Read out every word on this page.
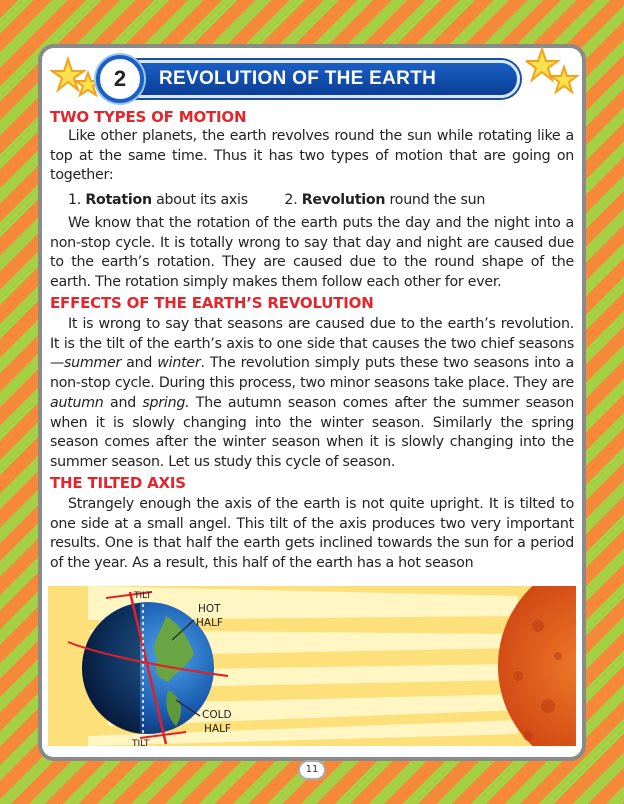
REVOLUTION OF THE EARTH
2
TWO TYPES OF MOTION
Like other planets, the earth revolves round the sun while rotating like a top at the same time. Thus it has two types of motion that are going on together:
1. Rotation about its axis	2. Revolution round the sun
We know that the rotation of the earth puts the day and the night into a non-stop cycle. It is totally wrong to say that day and night are caused due to the earth’s rotation. They are caused due to the round shape of the earth. The rotation simply makes them follow each other for ever.
EFFECTS OF THE EARTH’S REVOLUTION
It is wrong to say that seasons are caused due to the earth’s revolution. It is the tilt of the earth’s axis to one side that causes the two chief seasons—summer and winter. The revolution simply puts these two seasons into a non-stop cycle. During this process, two minor seasons take place. They are autumn and spring. The autumn season comes after the summer season when it is slowly changing into the winter season. Similarly the spring season comes after the winter season when it is slowly changing into the summer season. Let us study this cycle of season.
THE TILTED AXIS
Strangely enough the axis of the earth is not quite upright. It is tilted to one side at a small angel. This tilt of the axis produces two very important results. One is that half the earth gets inclined towards the sun for a period of the year. As a result, this half of the earth has a hot season
TILT
TILT
HOT
HALF
COLD
HALF
11
